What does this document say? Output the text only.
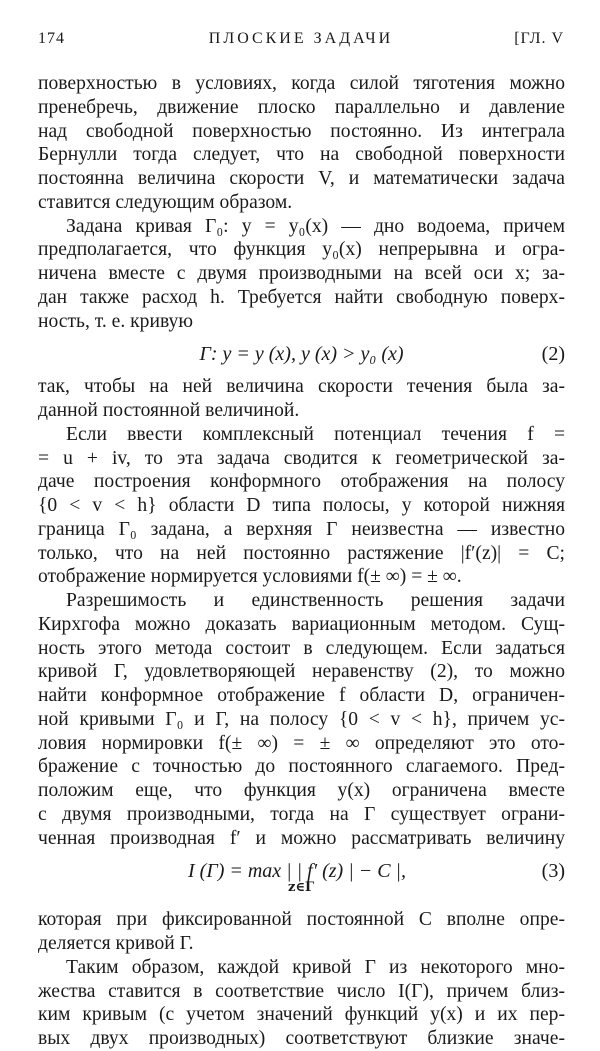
174	ПЛОСКИЕ ЗАДАЧИ	[ГЛ. V
поверхностью в условиях, когда силой тяготения можно
пренебречь, движение плоско параллельно и давление
над свободной поверхностью постоянно. Из интеграла
Бернулли тогда следует, что на свободной поверхности
постоянна величина скорости V, и математически задача
ставится следующим образом.
Задана кривая Γ₀: y = y₀(x) — дно водоема, причем
предполагается, что функция y₀(x) непрерывна и огра-
ничена вместе с двумя производными на всей оси x; за-
дан также расход h. Требуется найти свободную поверх-
ность, т. е. кривую
Γ: y = y (x), y (x) > y₀ (x)	(2)
так, чтобы на ней величина скорости течения была за-
данной постоянной величиной.
Если ввести комплексный потенциал течения f =
= u + iv, то эта задача сводится к геометрической за-
даче построения конформного отображения на полосу
{0 < v < h} области D типа полосы, у которой нижняя
граница Γ₀ задана, а верхняя Γ неизвестна — известно
только, что на ней постоянно растяжение |f′(z)| = C;
отображение нормируется условиями f(± ∞) = ± ∞.
Разрешимость и единственность решения задачи
Кирхгофа можно доказать вариационным методом. Сущ-
ность этого метода состоит в следующем. Если задаться
кривой Γ, удовлетворяющей неравенству (2), то можно
найти конформное отображение f области D, ограничен-
ной кривыми Γ₀ и Γ, на полосу {0 < v < h}, причем ус-
ловия нормировки f(± ∞) = ± ∞ определяют это ото-
бражение с точностью до постоянного слагаемого. Пред-
положим еще, что функция y(x) ограничена вместе
с двумя производными, тогда на Γ существует ограни-
ченная производная f′ и можно рассматривать величину
I (Γ) = max | | f′ (z) | − C |,
z∈Γ
(3)
которая при фиксированной постоянной C вполне опре-
деляется кривой Γ.
Таким образом, каждой кривой Γ из некоторого мно-
жества ставится в соответствие число I(Γ), причем близ-
ким кривым (с учетом значений функций y(x) и их пер-
вых двух производных) соответствуют близкие значе-
